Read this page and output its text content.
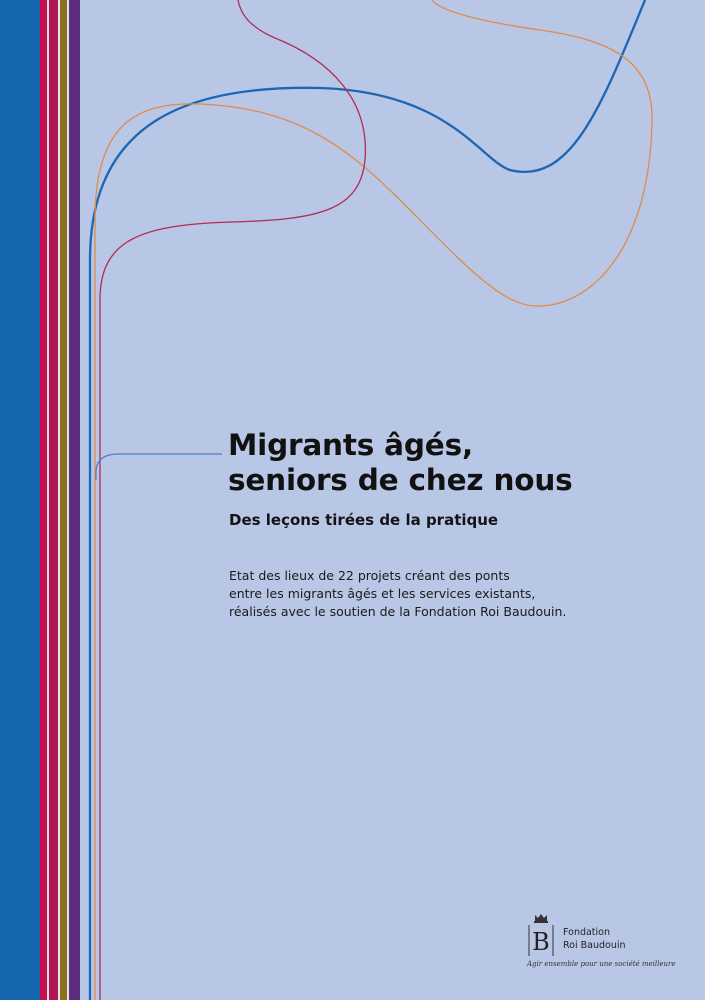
Migrants âgés,
seniors de chez nous

Des leçons tirées de la pratique

Etat des lieux de 22 projets créant des ponts
entre les migrants âgés et les services existants,
réalisés avec le soutien de la Fondation Roi Baudouin.

B Fondation
Roi Baudouin
Agir ensemble pour une société meilleure
